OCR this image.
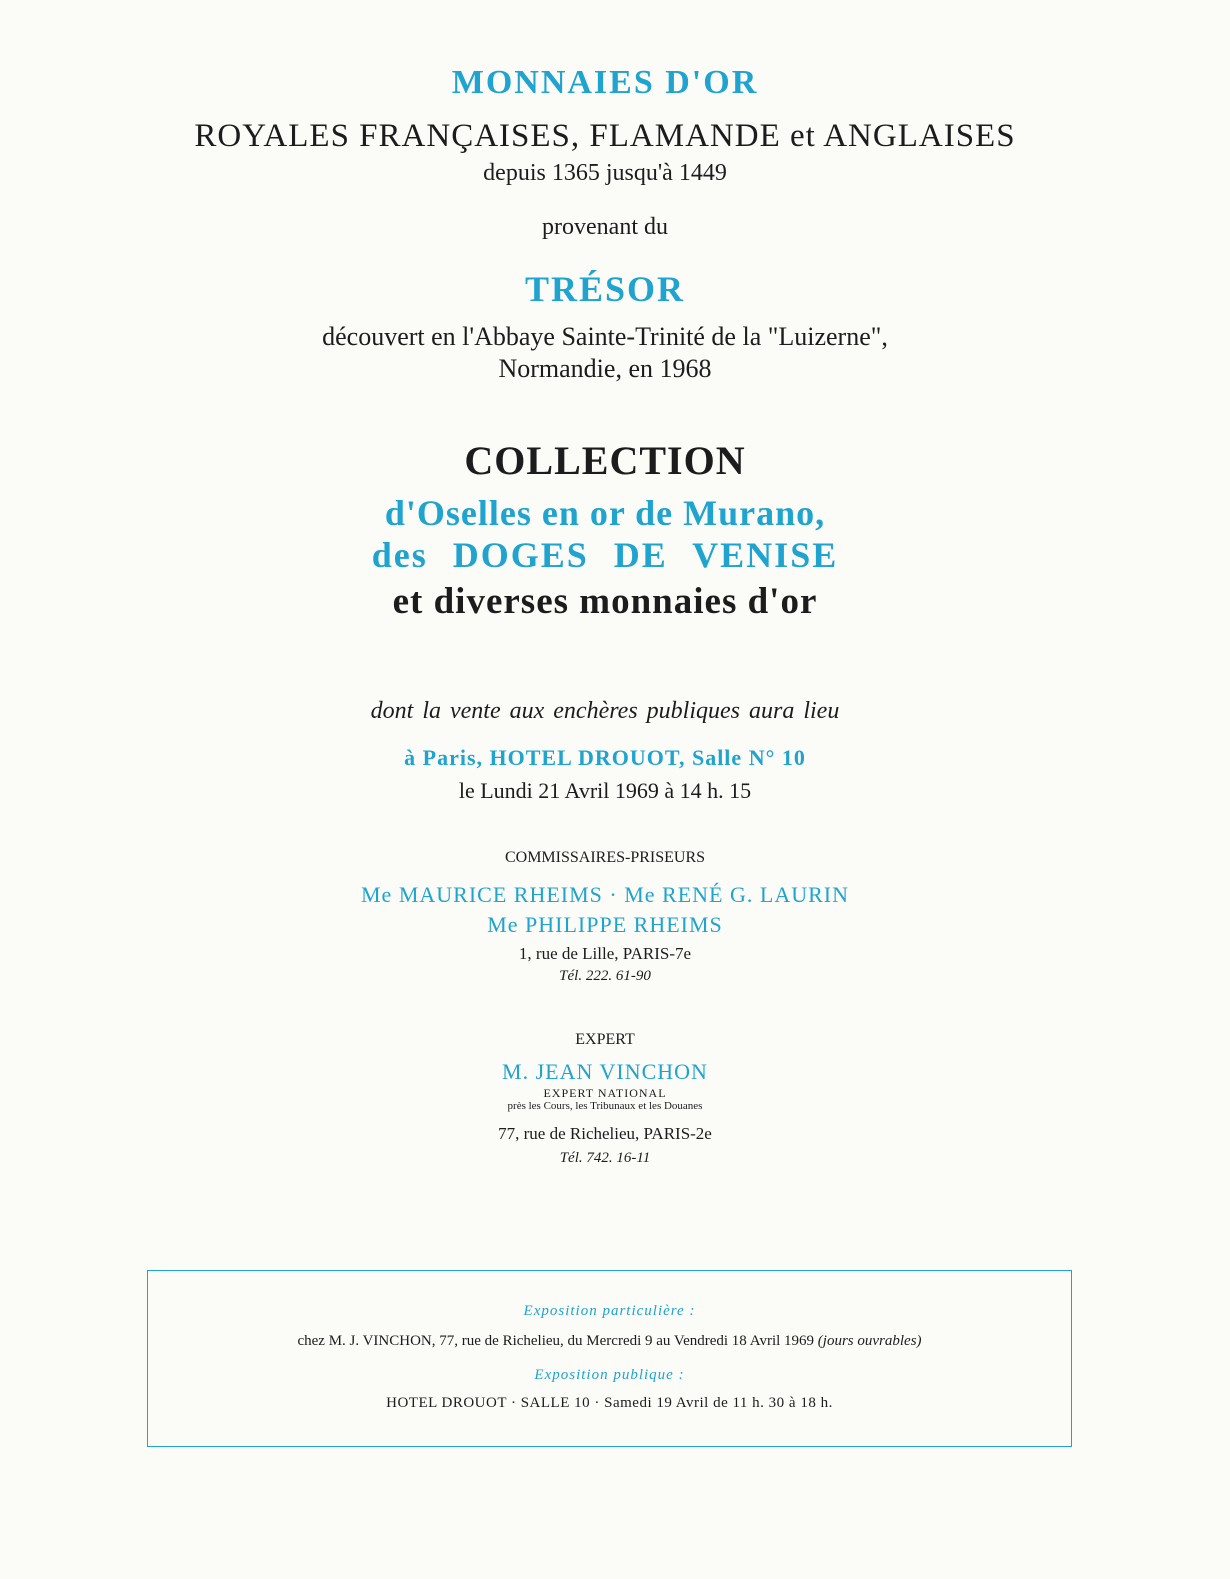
MONNAIES D'OR
ROYALES FRANÇAISES, FLAMANDE et ANGLAISES
depuis 1365 jusqu'à 1449
provenant du
TRÉSOR
découvert en l'Abbaye Sainte-Trinité de la "Luizerne",
Normandie, en 1968
COLLECTION
d'Oselles en or de Murano,
des DOGES DE VENISE
et diverses monnaies d'or
dont la vente aux enchères publiques aura lieu
à Paris, HOTEL DROUOT, Salle N° 10
le Lundi 21 Avril 1969 à 14 h. 15
COMMISSAIRES-PRISEURS
Me MAURICE RHEIMS · Me RENÉ G. LAURIN
Me PHILIPPE RHEIMS
1, rue de Lille, PARIS-7e
Tél. 222. 61-90
EXPERT
M. JEAN VINCHON
EXPERT NATIONAL
près les Cours, les Tribunaux et les Douanes
77, rue de Richelieu, PARIS-2e
Tél. 742. 16-11
Exposition particulière :
chez M. J. VINCHON, 77, rue de Richelieu, du Mercredi 9 au Vendredi 18 Avril 1969 (jours ouvrables)
Exposition publique :
HOTEL DROUOT · SALLE 10 · Samedi 19 Avril de 11 h. 30 à 18 h.
